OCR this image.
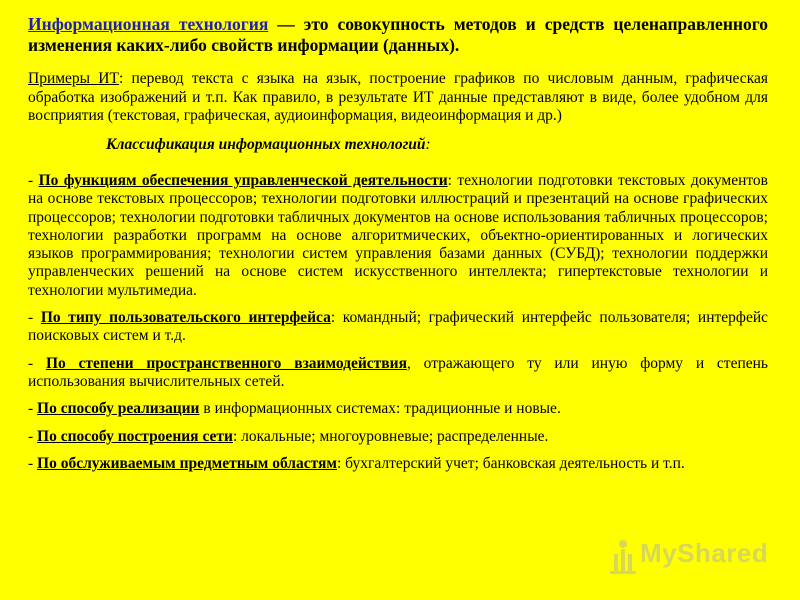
Информационная технология — это совокупность методов и средств целенаправленного изменения каких-либо свойств информации (данных).

Примеры ИТ: перевод текста с языка на язык, построение графиков по числовым данным, графическая обработка изображений и т.п. Как правило, в результате ИТ данные представляют в виде, более удобном для восприятия (текстовая, графическая, аудиоинформация, видеоинформация и др.)

Классификация информационных технологий:

- По функциям обеспечения управленческой деятельности: технологии подготовки текстовых документов на основе текстовых процессоров; технологии подготовки иллюстраций и презентаций на основе графических процессоров; технологии подготовки табличных документов на основе использования табличных процессоров; технологии разработки программ на основе алгоритмических, объектно-ориентированных и логических языков программирования; технологии систем управления базами данных (СУБД); технологии поддержки управленческих решений на основе систем искусственного интеллекта; гипертекстовые технологии и технологии мультимедиа.

- По типу пользовательского интерфейса: командный; графический интерфейс пользователя; интерфейс поисковых систем и т.д.

- По степени пространственного взаимодействия, отражающего ту или иную форму и степень использования вычислительных сетей.

- По способу реализации в информационных системах: традиционные и новые.

- По способу построения сети: локальные; многоуровневые; распределенные.

- По обслуживаемым предметным областям: бухгалтерский учет; банковская деятельность и т.п.

MyShared
